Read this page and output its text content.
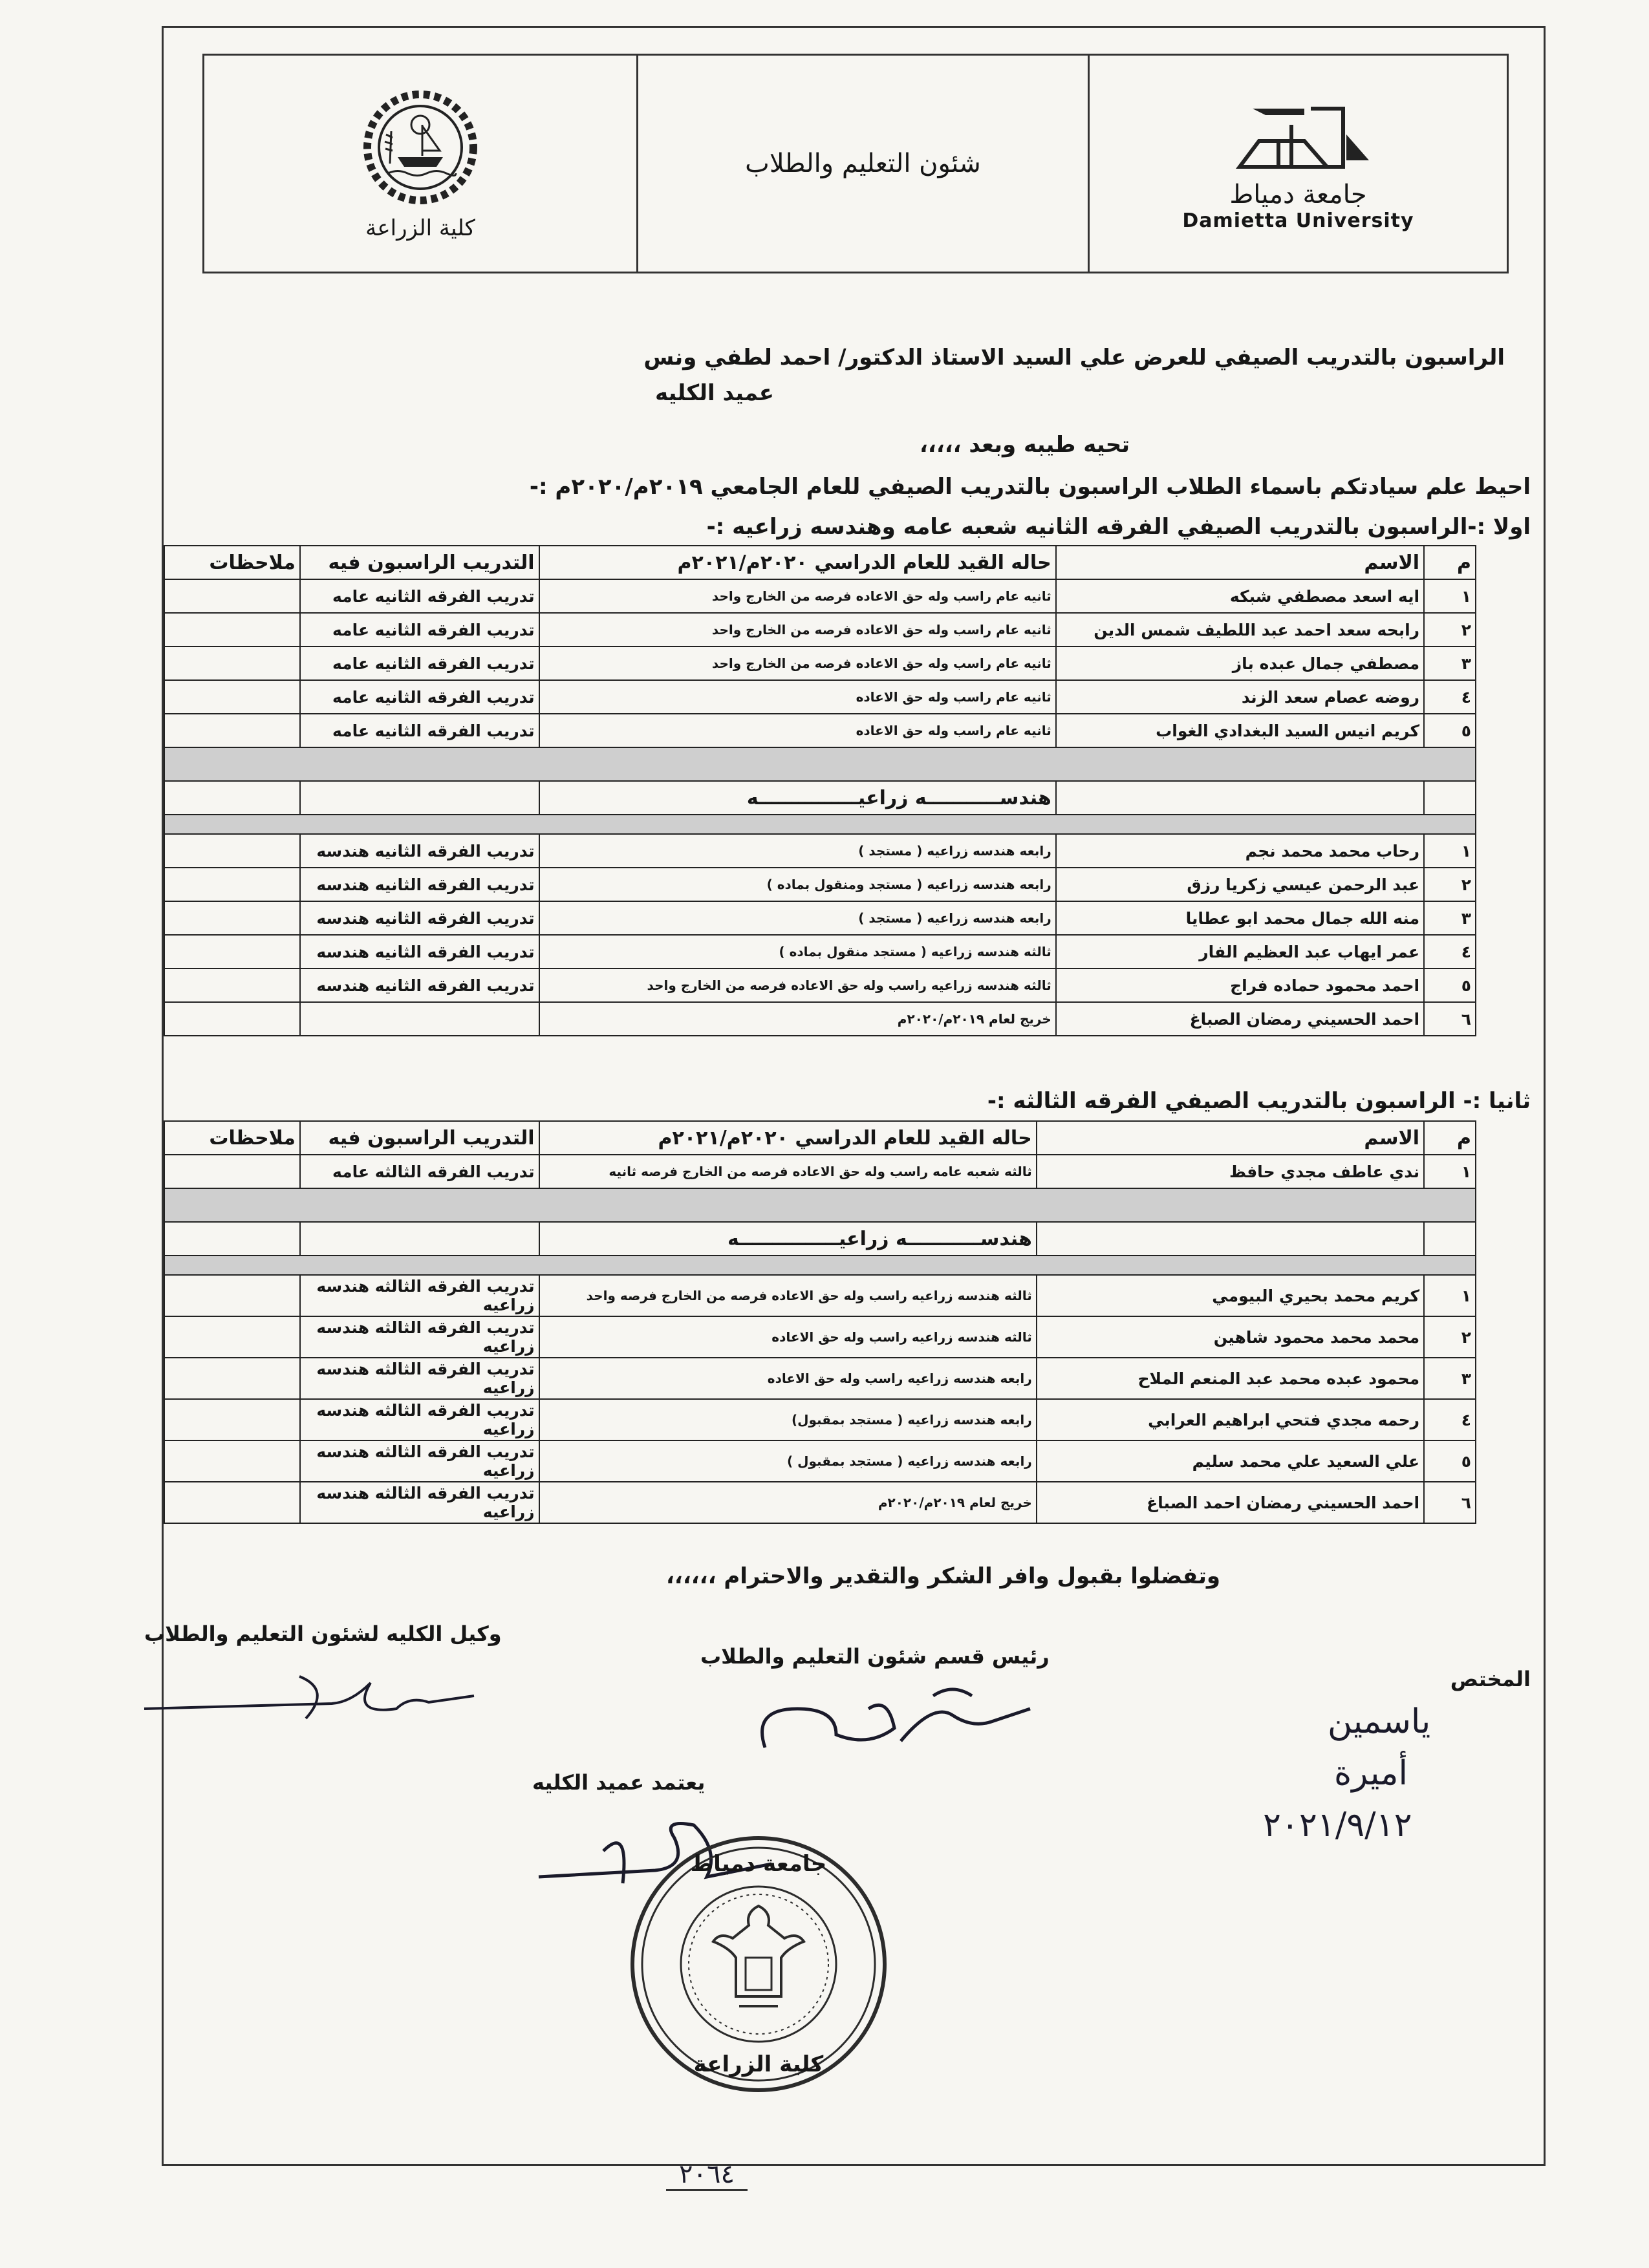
كلية الزراعة
شئون التعليم والطلاب
جامعة دمياط
Damietta University
الراسبون بالتدريب الصيفي للعرض علي السيد الاستاذ الدكتور/ احمد لطفي ونس
عميد الكليه
تحيه طيبه وبعد ،،،،،
احيط علم سيادتكم باسماء الطلاب الراسبون بالتدريب الصيفي للعام الجامعي ٢٠١٩م/٢٠٢٠م :-
اولا :-الراسبون بالتدريب الصيفي الفرقه الثانيه شعبه عامه وهندسه زراعيه :-
م	الاسم	حاله القيد للعام الدراسي ٢٠٢٠م/٢٠٢١م	التدريب الراسبون فيه	ملاحظات
١	ايه اسعد مصطفي شبكه	ثانيه عام راسب وله حق الاعاده فرصه من الخارج واحد	تدريب الفرقه الثانيه عامه	
٢	رابحه سعد احمد عبد اللطيف شمس الدين	ثانيه عام راسب وله حق الاعاده فرصه من الخارج واحد	تدريب الفرقه الثانيه عامه	
٣	مصطفي جمال عبده باز	ثانيه عام راسب وله حق الاعاده فرصه من الخارج واحد	تدريب الفرقه الثانيه عامه	
٤	روضه عصام سعد الزند	ثانيه عام راسب وله حق الاعاده	تدريب الفرقه الثانيه عامه	
٥	كريم انيس السيد البغدادي الغواب	ثانيه عام راسب وله حق الاعاده	تدريب الفرقه الثانيه عامه	

		هندســـــــــــه زراعيـــــــــــــــه		

١	رحاب محمد محمد نجم	رابعه هندسه زراعيه ( مستجد )	تدريب الفرقه الثانيه هندسه	
٢	عبد الرحمن عيسي زكريا رزق	رابعه هندسه زراعيه ( مستجد ومنقول بماده )	تدريب الفرقه الثانيه هندسه	
٣	منه الله جمال محمد ابو عطايا	رابعه هندسه زراعيه ( مستجد )	تدريب الفرقه الثانيه هندسه	
٤	عمر ايهاب عبد العظيم الفار	ثالثه هندسه زراعيه ( مستجد منقول بماده )	تدريب الفرقه الثانيه هندسه	
٥	احمد محمود حماده فراج	ثالثه هندسه زراعيه راسب وله حق الاعاده فرصه من الخارج واحد	تدريب الفرقه الثانيه هندسه	
٦	احمد الحسيني رمضان الصباغ	خريج لعام ٢٠١٩م/٢٠٢٠م		
ثانيا :- الراسبون بالتدريب الصيفي الفرقه الثالثه :-
م	الاسم	حاله القيد للعام الدراسي ٢٠٢٠م/٢٠٢١م	التدريب الراسبون فيه	ملاحظات
١	ندي عاطف مجدي حافظ	ثالثه شعبه عامه راسب وله حق الاعاده فرصه من الخارج فرصه ثانيه	تدريب الفرقه الثالثه عامه	

		هندســـــــــــه زراعيـــــــــــــــه		

١	كريم محمد بحيري البيومي	ثالثه هندسه زراعيه راسب وله حق الاعاده فرصه من الخارج فرصه واحد	تدريب الفرقه الثالثه هندسه زراعيه	
٢	محمد محمد محمود شاهين	ثالثه هندسه زراعيه راسب وله حق الاعاده	تدريب الفرقه الثالثه هندسه زراعيه	
٣	محمود عبده محمد عبد المنعم الملاح	رابعه هندسه زراعيه راسب وله حق الاعاده	تدريب الفرقه الثالثه هندسه زراعيه	
٤	رحمه مجدي فتحي ابراهيم العرابي	رابعه هندسه زراعيه ( مستجد بمقبول)	تدريب الفرقه الثالثه هندسه زراعيه	
٥	علي السعيد علي محمد سليم	رابعه هندسه زراعيه ( مستجد بمقبول )	تدريب الفرقه الثالثه هندسه زراعيه	
٦	احمد الحسيني رمضان احمد الصباغ	خريج لعام ٢٠١٩م/٢٠٢٠م	تدريب الفرقه الثالثه هندسه زراعيه	
وتفضلوا بقبول وافر الشكر والتقدير والاحترام ،،،،،،
وكيل الكليه لشئون التعليم والطلاب
رئيس قسم شئون التعليم والطلاب
المختص
ياسمين
أميرة
٢٠٢١/٩/١٢
يعتمد عميد الكليه
جامعة دمياط
كلية الزراعة
٢٠٦٤
